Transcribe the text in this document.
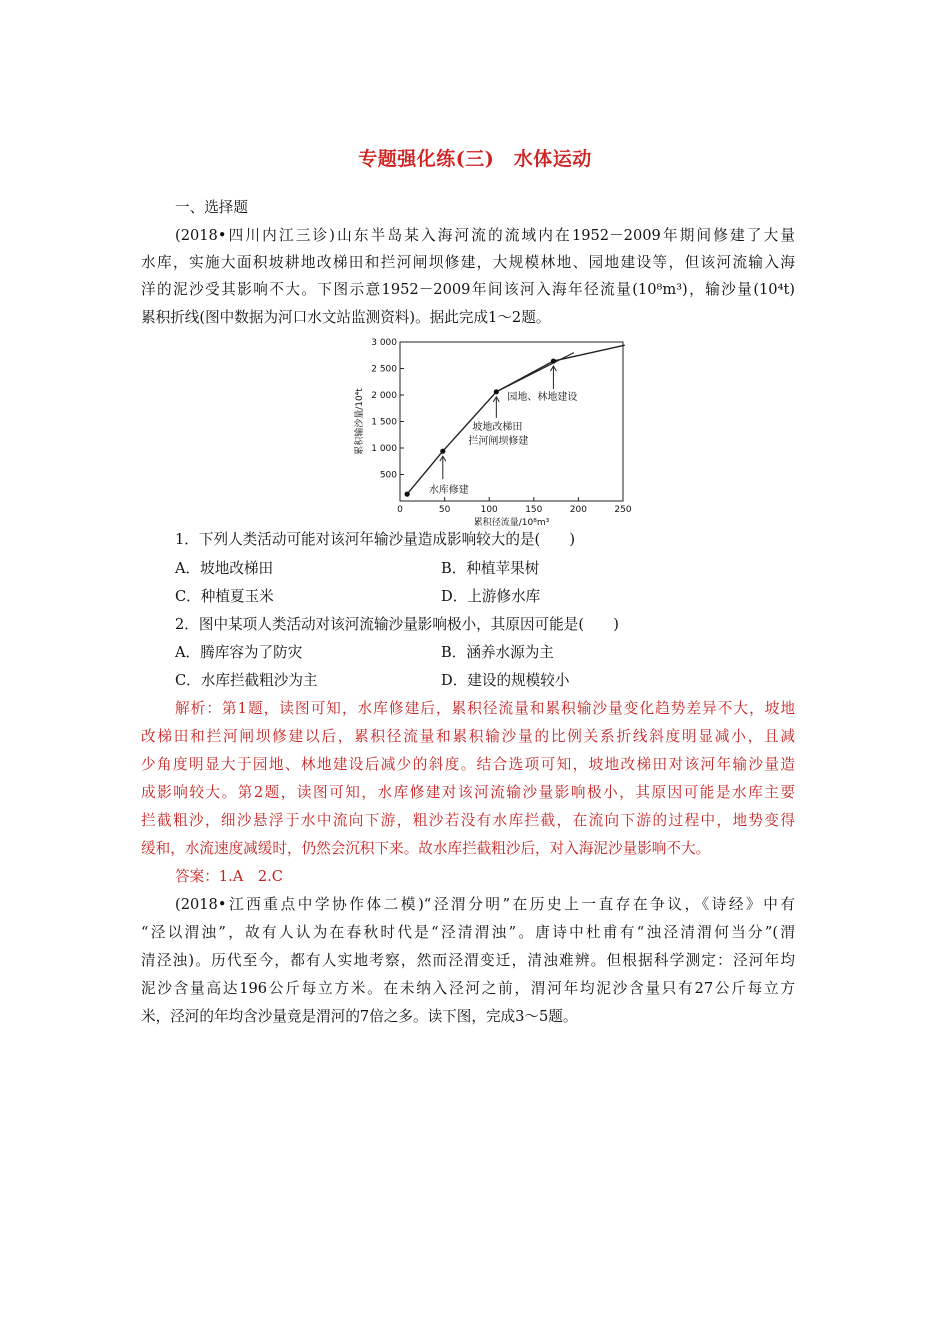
专题强化练(三)　水体运动
一、选择题
(2018•四川内江三诊)山东半岛某入海河流的流域内在1952－2009年期间修建了大量
水库，实施大面积坡耕地改梯田和拦河闸坝修建，大规模林地、园地建设等，但该河流输入海
洋的泥沙受其影响不大。下图示意1952－2009年间该河入海年径流量(10⁸m³)，输沙量(10⁴t)
累积折线(图中数据为河口水文站监测资料)。据此完成1～2题。
500
1 000
1 500
2 000
2 500
3 000
0	50	100	150	200	250
累积径流量/10⁸m³
累积输沙量/10⁴t
水库修建
坡地改梯田
拦河闸坝修建
园地、林地建设
1．下列人类活动可能对该河年输沙量造成影响较大的是(　　)
A．坡地改梯田	B．种植苹果树
C．种植夏玉米	D．上游修水库
2．图中某项人类活动对该河流输沙量影响极小，其原因可能是(　　)
A．腾库容为了防灾	B．涵养水源为主
C．水库拦截粗沙为主	D．建设的规模较小
解析：第1题，读图可知，水库修建后，累积径流量和累积输沙量变化趋势差异不大，坡地
改梯田和拦河闸坝修建以后，累积径流量和累积输沙量的比例关系折线斜度明显减小，且减
少角度明显大于园地、林地建设后减少的斜度。结合选项可知，坡地改梯田对该河年输沙量造
成影响较大。第2题，读图可知，水库修建对该河流输沙量影响极小，其原因可能是水库主要
拦截粗沙，细沙悬浮于水中流向下游，粗沙若没有水库拦截，在流向下游的过程中，地势变得
缓和，水流速度减缓时，仍然会沉积下来。故水库拦截粗沙后，对入海泥沙量影响不大。
答案：1.A　2.C
(2018•江西重点中学协作体二模)“泾渭分明”在历史上一直存在争议，《诗经》中有
“泾以渭浊”，故有人认为在春秋时代是“泾清渭浊”。唐诗中杜甫有“浊泾清渭何当分”(渭
清泾浊)。历代至今，都有人实地考察，然而泾渭变迁，清浊难辨。但根据科学测定：泾河年均
泥沙含量高达196公斤每立方米。在未纳入泾河之前，渭河年均泥沙含量只有27公斤每立方
米，泾河的年均含沙量竟是渭河的7倍之多。读下图，完成3～5题。
